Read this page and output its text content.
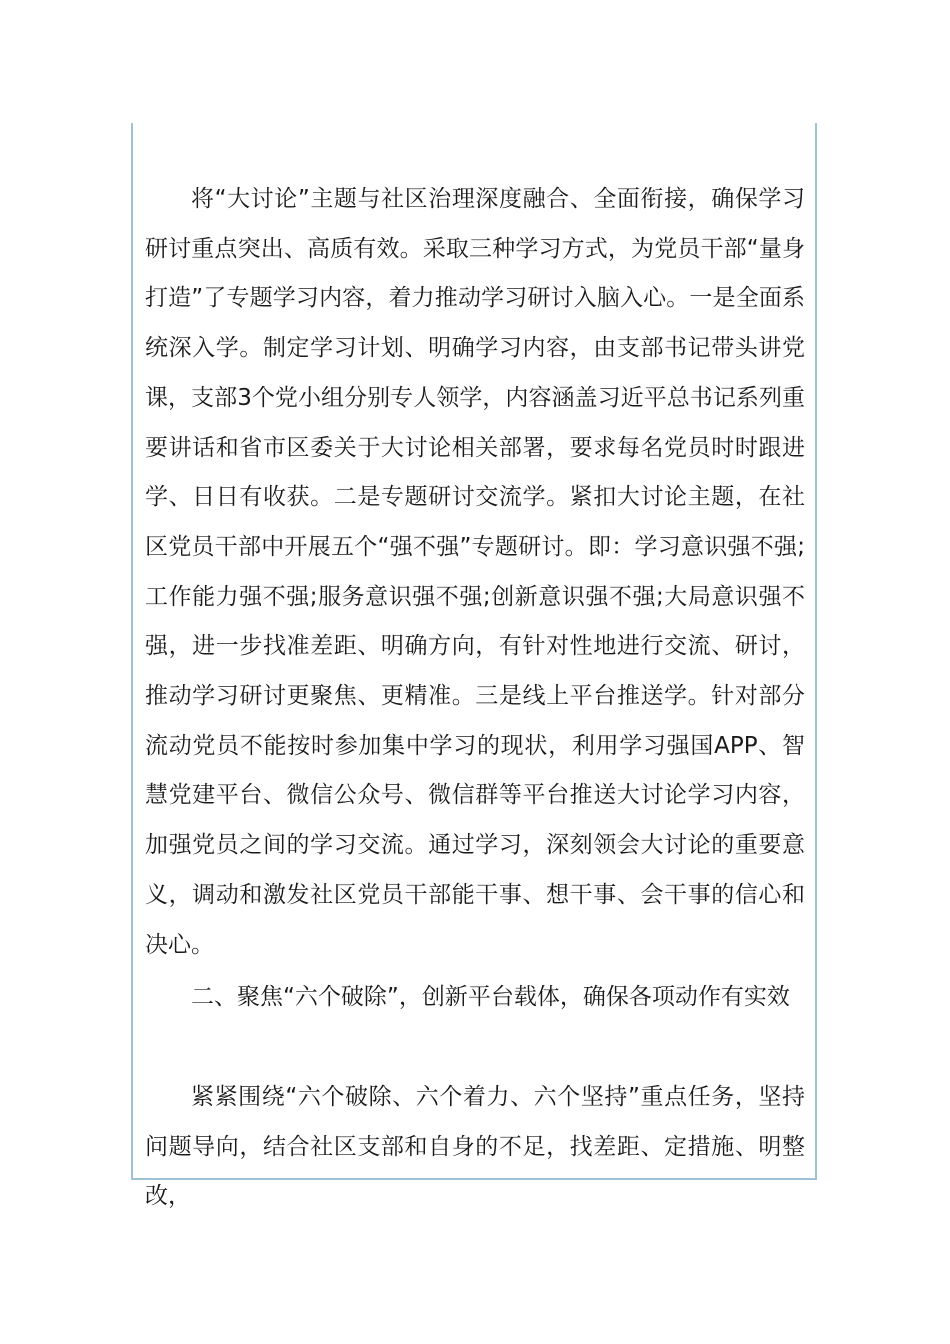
将“大讨论”主题与社区治理深度融合、全面衔接，确保学习研讨重点突出、高质有效。采取三种学习方式，为党员干部“量身打造”了专题学习内容，着力推动学习研讨入脑入心。一是全面系统深入学。制定学习计划、明确学习内容，由支部书记带头讲党课，支部3个党小组分别专人领学，内容涵盖习近平总书记系列重要讲话和省市区委关于大讨论相关部署，要求每名党员时时跟进学、日日有收获。二是专题研讨交流学。紧扣大讨论主题，在社区党员干部中开展五个“强不强”专题研讨。即：学习意识强不强;工作能力强不强;服务意识强不强;创新意识强不强;大局意识强不强，进一步找准差距、明确方向，有针对性地进行交流、研讨，推动学习研讨更聚焦、更精准。三是线上平台推送学。针对部分流动党员不能按时参加集中学习的现状，利用学习强国APP、智慧党建平台、微信公众号、微信群等平台推送大讨论学习内容，加强党员之间的学习交流。通过学习，深刻领会大讨论的重要意义，调动和激发社区党员干部能干事、想干事、会干事的信心和决心。

二、聚焦“六个破除”，创新平台载体，确保各项动作有实效

紧紧围绕“六个破除、六个着力、六个坚持”重点任务，坚持问题导向，结合社区支部和自身的不足，找差距、定措施、明整改，
